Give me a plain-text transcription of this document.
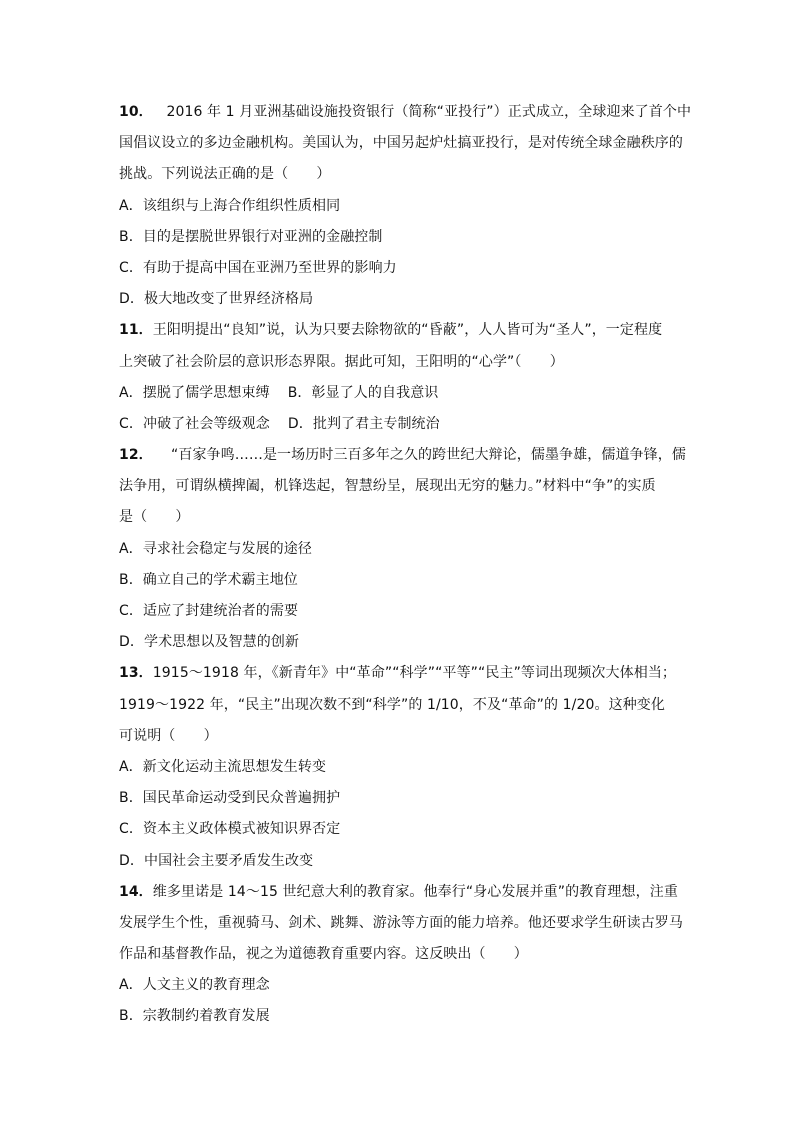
10． 2016 年 1 月亚洲基础设施投资银行（简称“亚投行”）正式成立，全球迎来了首个中
国倡议设立的多边金融机构。美国认为，中国另起炉灶搞亚投行，是对传统全球金融秩序的
挑战。下列说法正确的是（　　）
A．该组织与上海合作组织性质相同
B．目的是摆脱世界银行对亚洲的金融控制
C．有助于提高中国在亚洲乃至世界的影响力
D．极大地改变了世界经济格局
11．王阳明提出“良知”说，认为只要去除物欲的“昏蔽”，人人皆可为“圣人”，一定程度
上突破了社会阶层的意识形态界限。据此可知，王阳明的“心学”（　　）
A．摆脱了儒学思想束缚 B．彰显了人的自我意识
C．冲破了社会等级观念 D．批判了君主专制统治
12． “百家争鸣……是一场历时三百多年之久的跨世纪大辩论，儒墨争雄，儒道争锋，儒
法争用，可谓纵横捭阖，机锋迭起，智慧纷呈，展现出无穷的魅力。”材料中“争”的实质
是（　　）
A．寻求社会稳定与发展的途径
B．确立自己的学术霸主地位
C．适应了封建统治者的需要
D．学术思想以及智慧的创新
13．1915～1918 年，《新青年》中“革命”“科学”“平等”“民主”等词出现频次大体相当；
1919～1922 年，“民主”出现次数不到“科学”的 1/10，不及“革命”的 1/20。这种变化
可说明（　　）
A．新文化运动主流思想发生转变
B．国民革命运动受到民众普遍拥护
C．资本主义政体模式被知识界否定
D．中国社会主要矛盾发生改变
14．维多里诺是 14～15 世纪意大利的教育家。他奉行“身心发展并重”的教育理想，注重
发展学生个性，重视骑马、剑术、跳舞、游泳等方面的能力培养。他还要求学生研读古罗马
作品和基督教作品，视之为道德教育重要内容。这反映出（　　）
A．人文主义的教育理念
B．宗教制约着教育发展
